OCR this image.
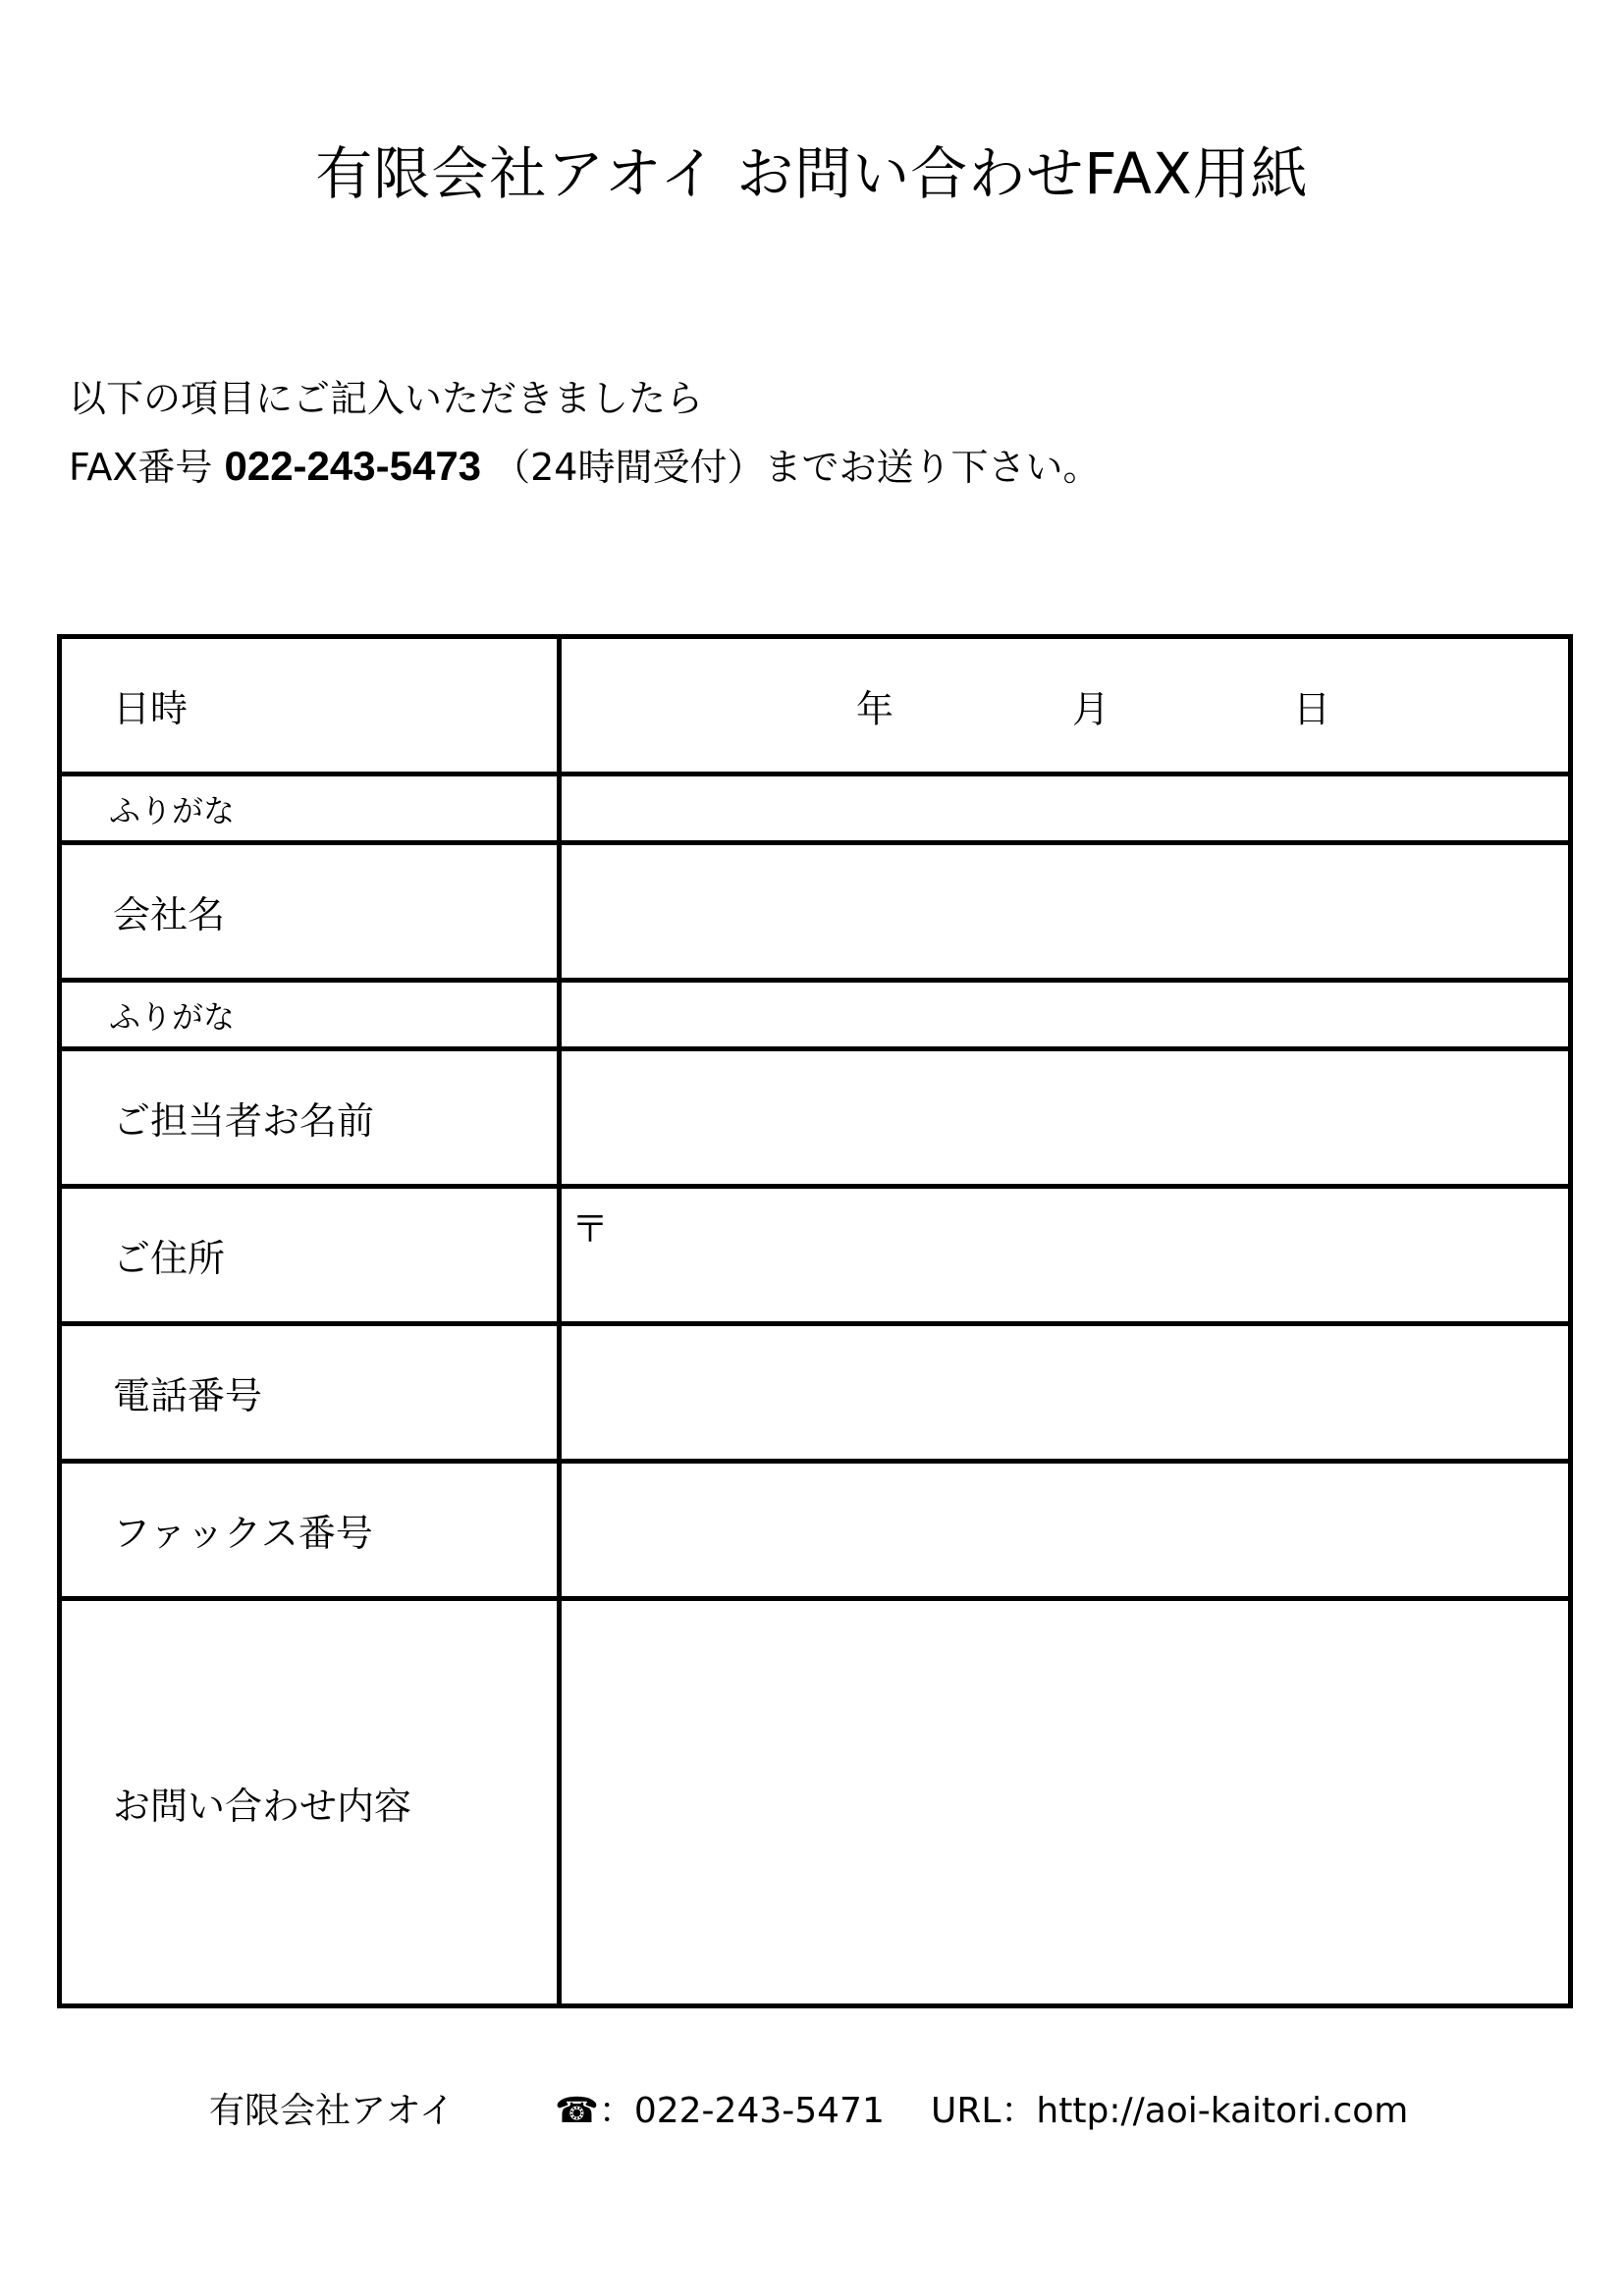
有限会社アオイ お問い合わせFAX用紙
以下の項目にご記入いただきましたら
FAX番号 022-243-5473 （24時間受付）までお送り下さい。
日時	年 月 日

ふりがな	
会社名	
ふりがな	
ご担当者お名前	
ご住所	〒

電話番号	
ファックス番号	
お問い合わせ内容	
有限会社アオイ	☎：022-243-5471 URL：http://aoi-kaitori.com
